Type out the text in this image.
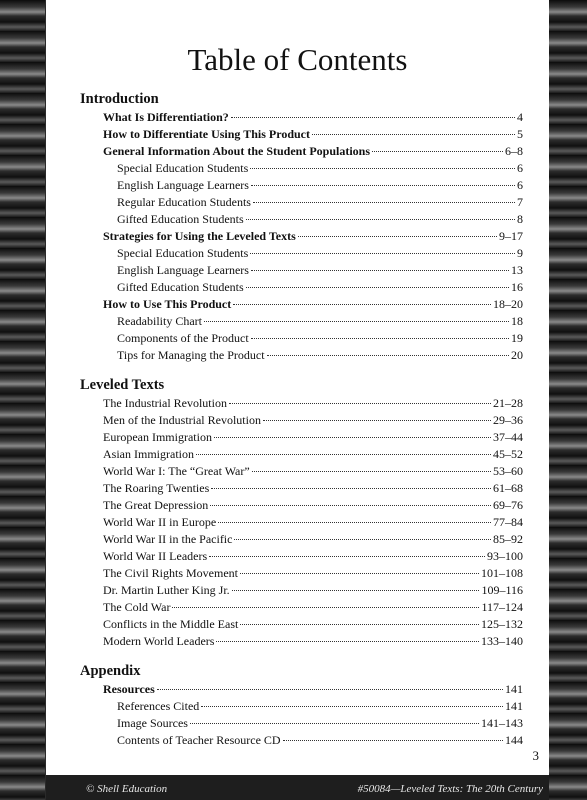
Table of Contents
Introduction
What Is Differentiation?	4
How to Differentiate Using This Product	5
General Information About the Student Populations	6–8
Special Education Students	6
English Language Learners	6
Regular Education Students	7
Gifted Education Students	8
Strategies for Using the Leveled Texts	9–17
Special Education Students	9
English Language Learners	13
Gifted Education Students	16
How to Use This Product	18–20
Readability Chart	18
Components of the Product	19
Tips for Managing the Product	20
Leveled Texts
The Industrial Revolution	21–28
Men of the Industrial Revolution	29–36
European Immigration	37–44
Asian Immigration	45–52
World War I: The “Great War”	53–60
The Roaring Twenties	61–68
The Great Depression	69–76
World War II in Europe	77–84
World War II in the Pacific	85–92
World War II Leaders	93–100
The Civil Rights Movement	101–108
Dr. Martin Luther King Jr.	109–116
The Cold War	117–124
Conflicts in the Middle East	125–132
Modern World Leaders	133–140
Appendix
Resources	141
References Cited	141
Image Sources	141–143
Contents of Teacher Resource CD	144
3
© Shell Education	#50084—Leveled Texts: The 20th Century
